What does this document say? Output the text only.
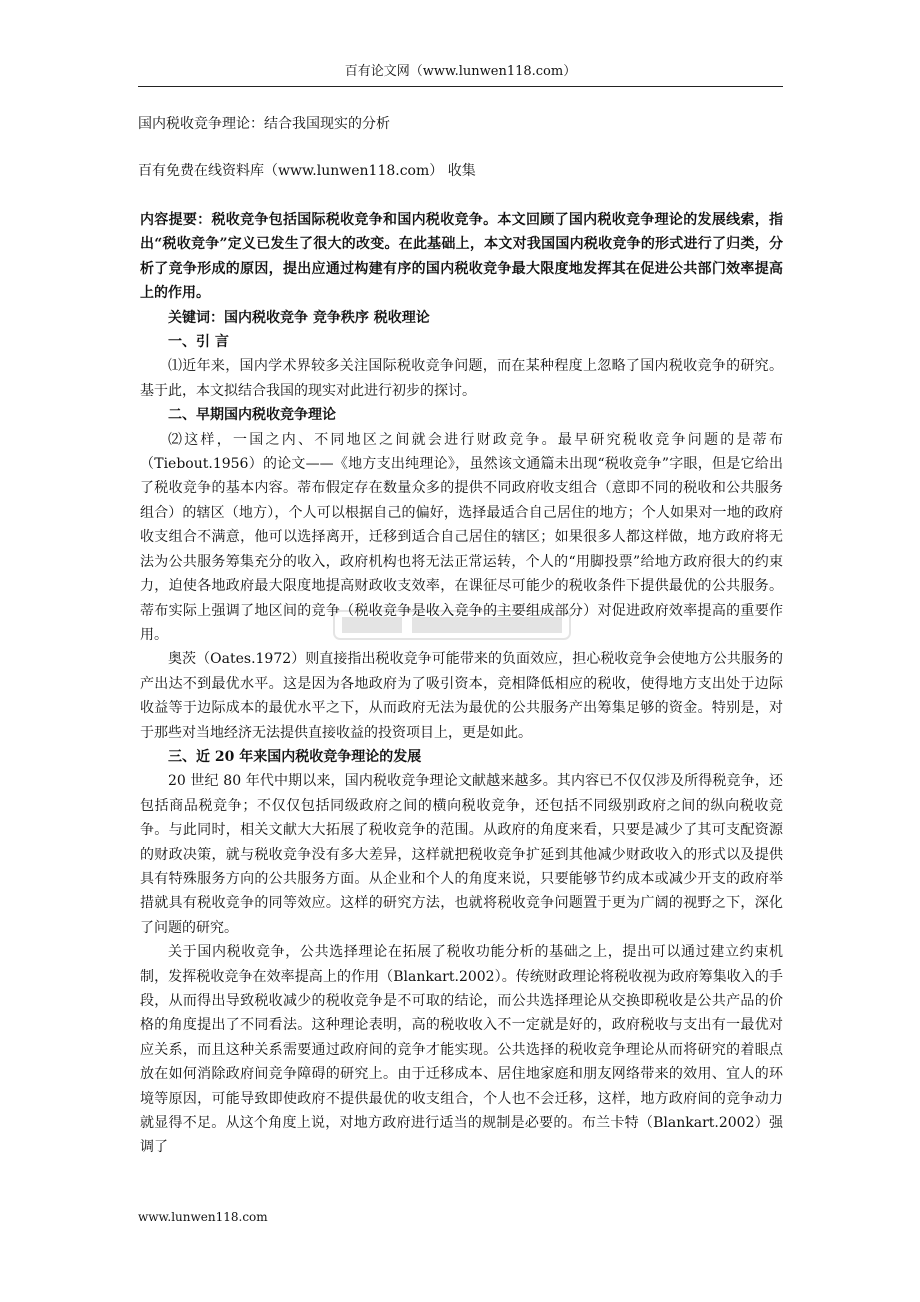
百有论文网（www.lunwen118.com）
国内税收竞争理论：结合我国现实的分析
百有免费在线资料库（www.lunwen118.com） 收集

内容提要：税收竞争包括国际税收竞争和国内税收竞争。本文回顾了国内税收竞争理论的发展线索，指出“税收竞争”定义已发生了很大的改变。在此基础上，本文对我国国内税收竞争的形式进行了归类，分析了竞争形成的原因，提出应通过构建有序的国内税收竞争最大限度地发挥其在促进公共部门效率提高上的作用。

关键词：国内税收竞争 竞争秩序 税收理论

一、引 言

⑴近年来，国内学术界较多关注国际税收竞争问题，而在某种程度上忽略了国内税收竞争的研究。基于此，本文拟结合我国的现实对此进行初步的探讨。

二、早期国内税收竞争理论

⑵这样，一国之内、不同地区之间就会进行财政竞争。最早研究税收竞争问题的是蒂布（Tiebout.1956）的论文——《地方支出纯理论》，虽然该文通篇未出现“税收竞争”字眼，但是它给出了税收竞争的基本内容。蒂布假定存在数量众多的提供不同政府收支组合（意即不同的税收和公共服务组合）的辖区（地方），个人可以根据自己的偏好，选择最适合自己居住的地方；个人如果对一地的政府收支组合不满意，他可以选择离开，迁移到适合自己居住的辖区；如果很多人都这样做，地方政府将无法为公共服务筹集充分的收入，政府机构也将无法正常运转，个人的“用脚投票”给地方政府很大的约束力，迫使各地政府最大限度地提高财政收支效率，在课征尽可能少的税收条件下提供最优的公共服务。蒂布实际上强调了地区间的竞争（税收竞争是收入竞争的主要组成部分）对促进政府效率提高的重要作用。

奥茨（Oates.1972）则直接指出税收竞争可能带来的负面效应，担心税收竞争会使地方公共服务的产出达不到最优水平。这是因为各地政府为了吸引资本，竞相降低相应的税收，使得地方支出处于边际收益等于边际成本的最优水平之下，从而政府无法为最优的公共服务产出筹集足够的资金。特别是，对于那些对当地经济无法提供直接收益的投资项目上，更是如此。

三、近 20 年来国内税收竞争理论的发展

20 世纪 80 年代中期以来，国内税收竞争理论文献越来越多。其内容已不仅仅涉及所得税竞争，还包括商品税竞争；不仅仅包括同级政府之间的横向税收竞争，还包括不同级别政府之间的纵向税收竞争。与此同时，相关文献大大拓展了税收竞争的范围。从政府的角度来看，只要是减少了其可支配资源的财政决策，就与税收竞争没有多大差异，这样就把税收竞争扩延到其他减少财政收入的形式以及提供具有特殊服务方向的公共服务方面。从企业和个人的角度来说，只要能够节约成本或减少开支的政府举措就具有税收竞争的同等效应。这样的研究方法，也就将税收竞争问题置于更为广阔的视野之下，深化了问题的研究。

关于国内税收竞争，公共选择理论在拓展了税收功能分析的基础之上，提出可以通过建立约束机制，发挥税收竞争在效率提高上的作用（Blankart.2002）。传统财政理论将税收视为政府筹集收入的手段，从而得出导致税收减少的税收竞争是不可取的结论，而公共选择理论从交换即税收是公共产品的价格的角度提出了不同看法。这种理论表明，高的税收收入不一定就是好的，政府税收与支出有一最优对应关系，而且这种关系需要通过政府间的竞争才能实现。公共选择的税收竞争理论从而将研究的着眼点放在如何消除政府间竞争障碍的研究上。由于迁移成本、居住地家庭和朋友网络带来的效用、宜人的环境等原因，可能导致即使政府不提供最优的收支组合，个人也不会迁移，这样，地方政府间的竞争动力就显得不足。从这个角度上说，对地方政府进行适当的规制是必要的。布兰卡特（Blankart.2002）强调了

www.lunwen118.com
